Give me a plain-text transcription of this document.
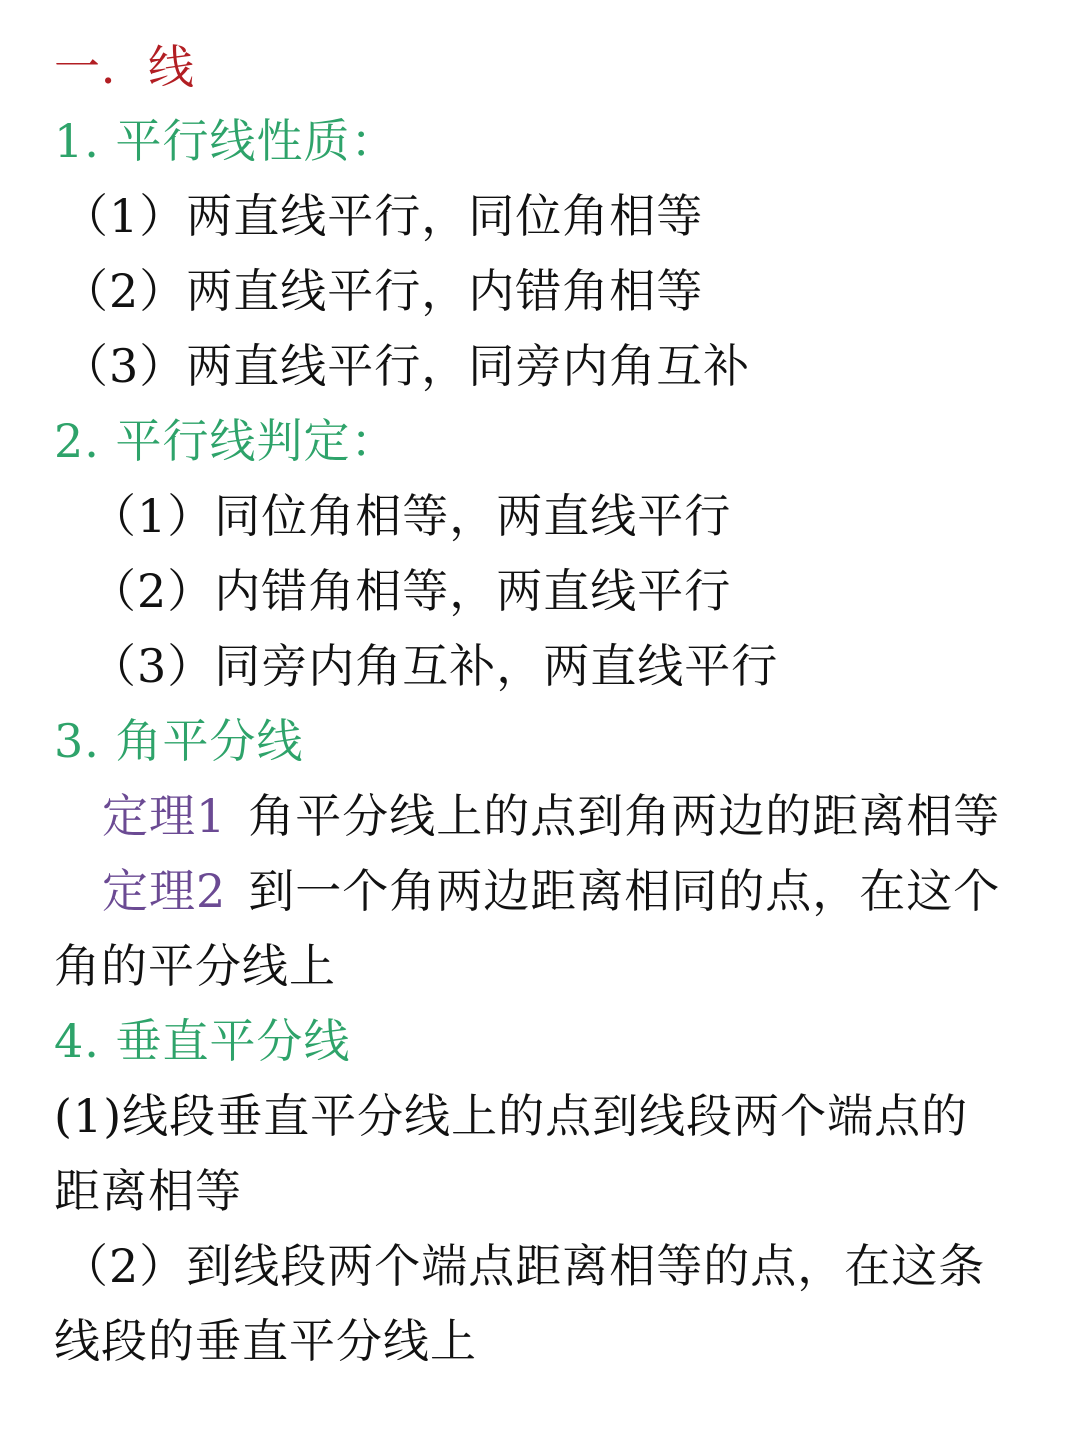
一．线
1. 平行线性质：
（1）两直线平行，同位角相等
（2）两直线平行，内错角相等
（3）两直线平行，同旁内角互补
2. 平行线判定：
（1）同位角相等，两直线平行
（2）内错角相等，两直线平行
（3）同旁内角互补，两直线平行
3. 角平分线
定理1 角平分线上的点到角两边的距离相等
定理2 到一个角两边距离相同的点，在这个
角的平分线上
4. 垂直平分线
(1)线段垂直平分线上的点到线段两个端点的
距离相等
（2）到线段两个端点距离相等的点，在这条
线段的垂直平分线上
